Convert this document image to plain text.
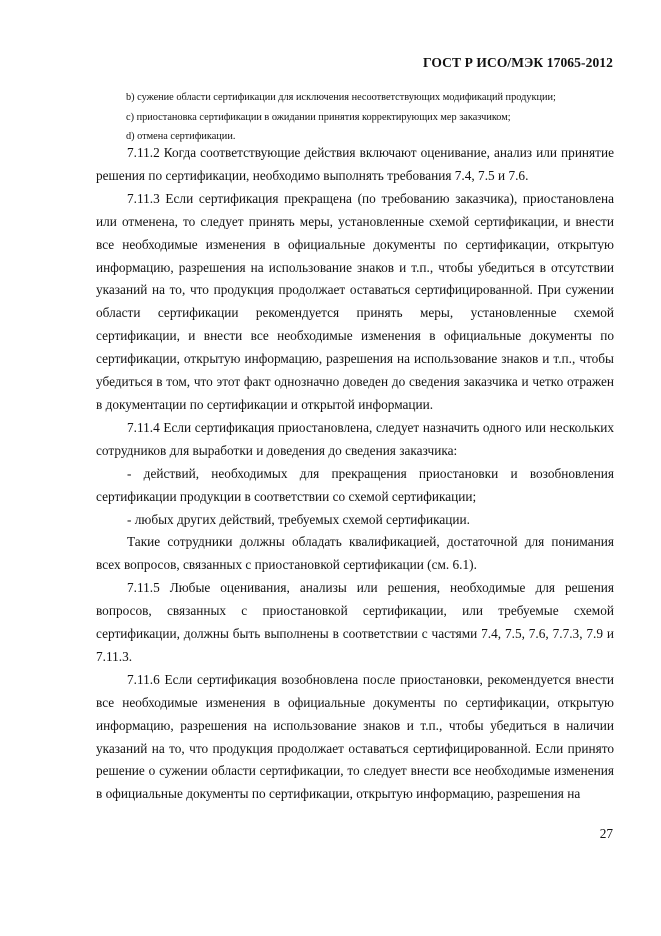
ГОСТ Р ИСО/МЭК 17065-2012
b) сужение области сертификации для исключения несоответствующих модификаций продукции;
c) приостановка сертификации в ожидании принятия корректирующих мер заказчиком;
d) отмена сертификации.

7.11.2 Когда соответствующие действия включают оценивание, анализ или принятие решения по сертификации, необходимо выполнять требования 7.4, 7.5 и 7.6.

7.11.3 Если сертификация прекращена (по требованию заказчика), приостановлена или отменена, то следует принять меры, установленные схемой сертификации, и внести все необходимые изменения в официальные документы по сертификации, открытую информацию, разрешения на использование знаков и т.п., чтобы убедиться в отсутствии указаний на то, что продукция продолжает оставаться сертифицированной. При сужении области сертификации рекомендуется принять меры, установленные схемой сертификации, и внести все необходимые изменения в официальные документы по сертификации, открытую информацию, разрешения на использование знаков и т.п., чтобы убедиться в том, что этот факт однозначно доведен до сведения заказчика и четко отражен в документации по сертификации и открытой информации.

7.11.4 Если сертификация приостановлена, следует назначить одного или нескольких сотрудников для выработки и доведения до сведения заказчика:

- действий, необходимых для прекращения приостановки и возобновления сертификации продукции в соответствии со схемой сертификации;

- любых других действий, требуемых схемой сертификации.

Такие сотрудники должны обладать квалификацией, достаточной для понимания всех вопросов, связанных с приостановкой сертификации (см. 6.1).

7.11.5 Любые оценивания, анализы или решения, необходимые для решения вопросов, связанных с приостановкой сертификации, или требуемые схемой сертификации, должны быть выполнены в соответствии с частями 7.4, 7.5, 7.6, 7.7.3, 7.9 и 7.11.3.

7.11.6 Если сертификация возобновлена после приостановки, рекомендуется внести все необходимые изменения в официальные документы по сертификации, открытую информацию, разрешения на использование знаков и т.п., чтобы убедиться в наличии указаний на то, что продукция продолжает оставаться сертифицированной. Если принято решение о сужении области сертификации, то следует внести все необходимые изменения в официальные документы по сертификации, открытую информацию, разрешения на

27
